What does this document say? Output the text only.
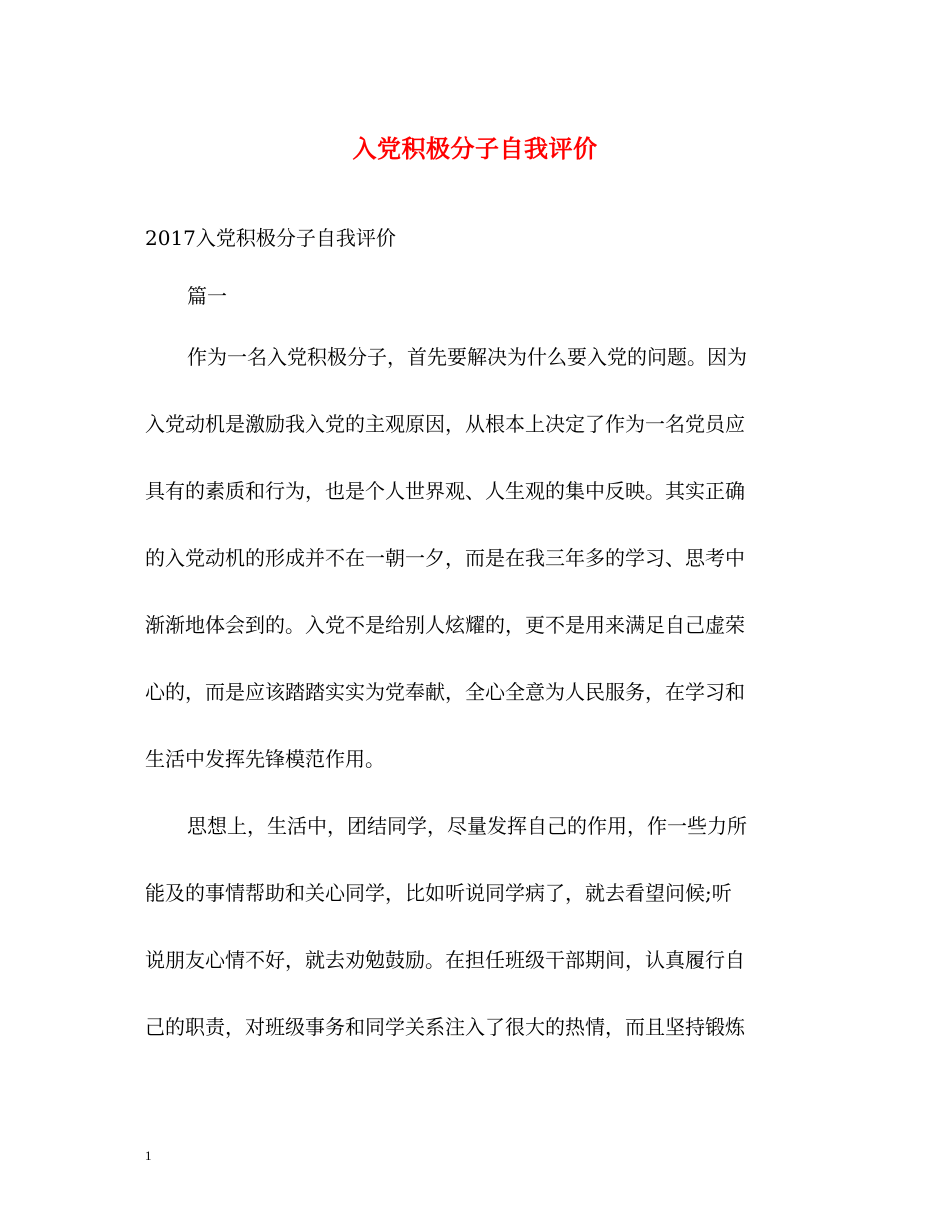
入党积极分子自我评价
2017入党积极分子自我评价
篇一
作为一名入党积极分子，首先要解决为什么要入党的问题。因为
入党动机是激励我入党的主观原因，从根本上决定了作为一名党员应
具有的素质和行为，也是个人世界观、人生观的集中反映。其实正确
的入党动机的形成并不在一朝一夕，而是在我三年多的学习、思考中
渐渐地体会到的。入党不是给别人炫耀的，更不是用来满足自己虚荣
心的，而是应该踏踏实实为党奉献，全心全意为人民服务，在学习和
生活中发挥先锋模范作用。
思想上，生活中，团结同学，尽量发挥自己的作用，作一些力所
能及的事情帮助和关心同学，比如听说同学病了，就去看望问候;听
说朋友心情不好，就去劝勉鼓励。在担任班级干部期间，认真履行自
己的职责，对班级事务和同学关系注入了很大的热情，而且坚持锻炼
1
